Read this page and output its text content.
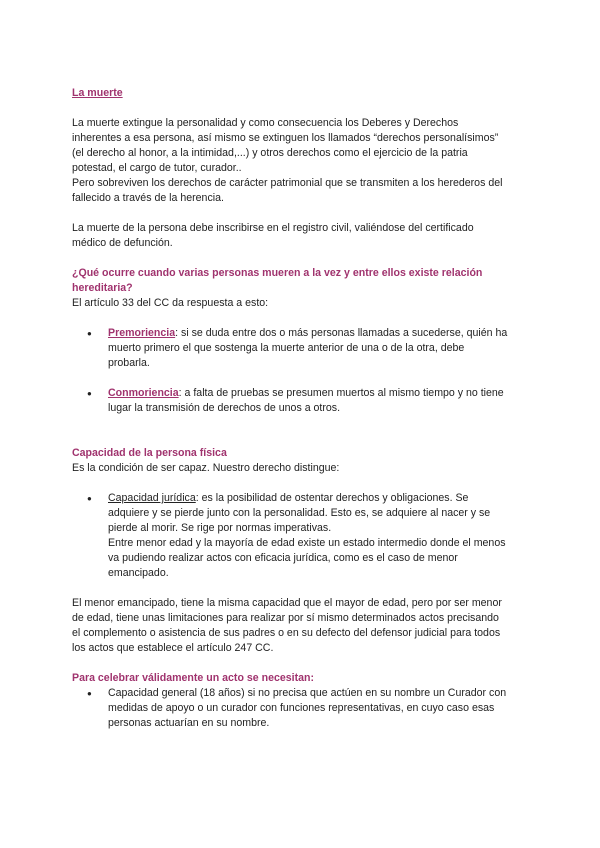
La muerte

La muerte extingue la personalidad y como consecuencia los Deberes y Derechos
inherentes a esa persona, así mismo se extinguen los llamados “derechos personalísimos”
(el derecho al honor, a la intimidad,...) y otros derechos como el ejercicio de la patria
potestad, el cargo de tutor, curador..
Pero sobreviven los derechos de carácter patrimonial que se transmiten a los herederos del
fallecido a través de la herencia.

La muerte de la persona debe inscribirse en el registro civil, valiéndose del certificado
médico de defunción.

¿Qué ocurre cuando varias personas mueren a la vez y entre ellos existe relación
hereditaria?

El artículo 33 del CC da respuesta a esto:

● Premoriencia: si se duda entre dos o más personas llamadas a sucederse, quién ha
muerto primero el que sostenga la muerte anterior de una o de la otra, debe
probarla.
● Conmoriencia: a falta de pruebas se presumen muertos al mismo tiempo y no tiene
lugar la transmisión de derechos de unos a otros.

Capacidad de la persona física

Es la condición de ser capaz. Nuestro derecho distingue:

● Capacidad jurídica: es la posibilidad de ostentar derechos y obligaciones. Se
adquiere y se pierde junto con la personalidad. Esto es, se adquiere al nacer y se
pierde al morir. Se rige por normas imperativas.
Entre menor edad y la mayoría de edad existe un estado intermedio donde el menos
va pudiendo realizar actos con eficacia jurídica, como es el caso de menor
emancipado.

El menor emancipado, tiene la misma capacidad que el mayor de edad, pero por ser menor
de edad, tiene unas limitaciones para realizar por sí mismo determinados actos precisando
el complemento o asistencia de sus padres o en su defecto del defensor judicial para todos
los actos que establece el artículo 247 CC.

Para celebrar válidamente un acto se necesitan:

● Capacidad general (18 años) si no precisa que actúen en su nombre un Curador con
medidas de apoyo o un curador con funciones representativas, en cuyo caso esas
personas actuarían en su nombre.
